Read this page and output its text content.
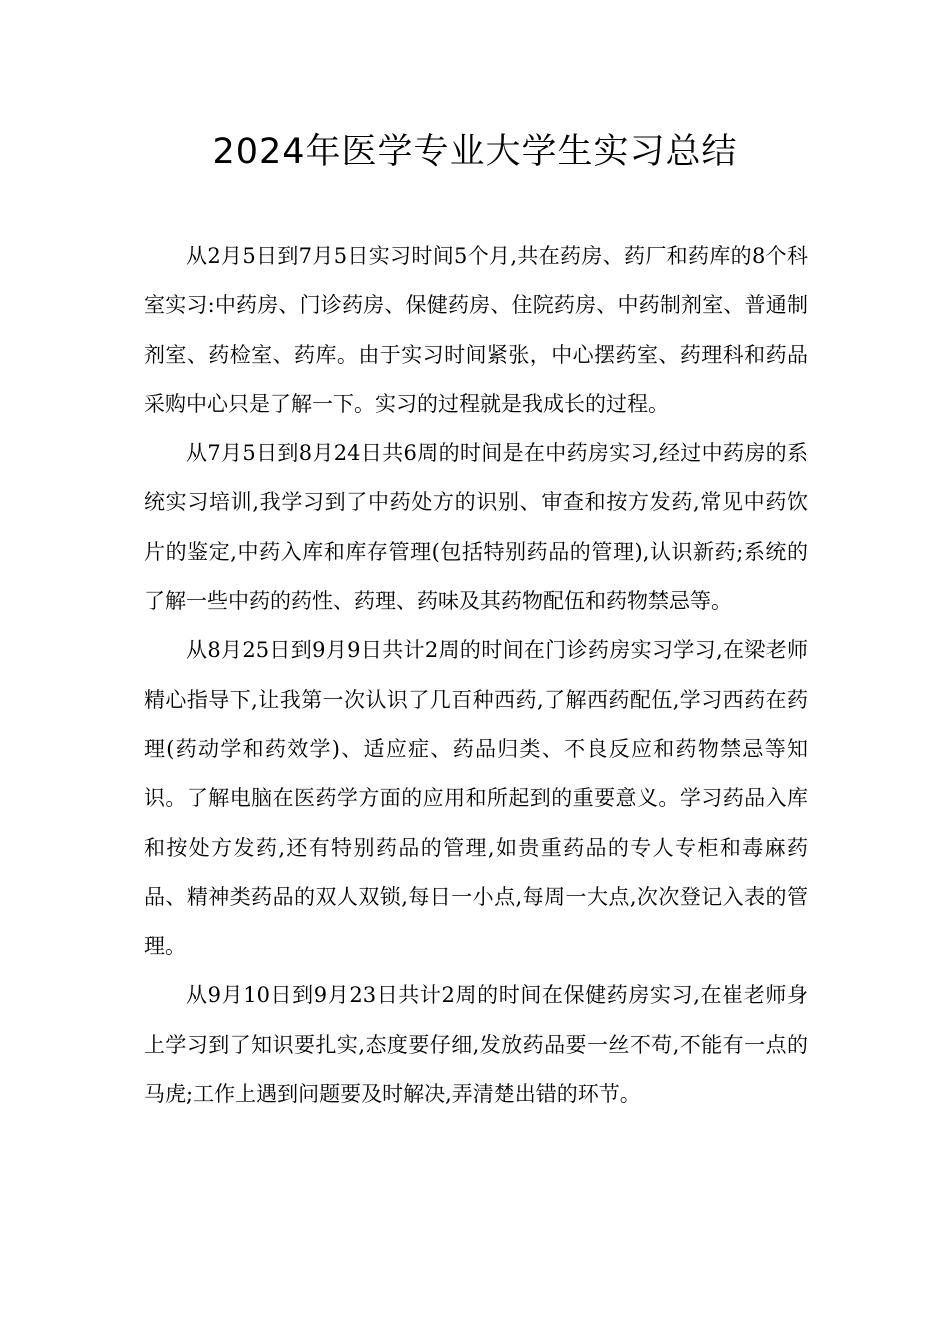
2024年医学专业大学生实习总结

从2月5日到7月5日实习时间5个月,共在药房、药厂和药库的8个科室实习:中药房、门诊药房、保健药房、住院药房、中药制剂室、普通制剂室、药检室、药库。由于实习时间紧张，中心摆药室、药理科和药品采购中心只是了解一下。实习的过程就是我成长的过程。

从7月5日到8月24日共6周的时间是在中药房实习,经过中药房的系统实习培训,我学习到了中药处方的识别、审查和按方发药,常见中药饮片的鉴定,中药入库和库存管理(包括特别药品的管理),认识新药;系统的了解一些中药的药性、药理、药味及其药物配伍和药物禁忌等。

从8月25日到9月9日共计2周的时间在门诊药房实习学习,在梁老师精心指导下,让我第一次认识了几百种西药,了解西药配伍,学习西药在药理(药动学和药效学)、适应症、药品归类、不良反应和药物禁忌等知识。了解电脑在医药学方面的应用和所起到的重要意义。学习药品入库和按处方发药,还有特别药品的管理,如贵重药品的专人专柜和毒麻药品、精神类药品的双人双锁,每日一小点,每周一大点,次次登记入表的管理。

从9月10日到9月23日共计2周的时间在保健药房实习,在崔老师身上学习到了知识要扎实,态度要仔细,发放药品要一丝不苟,不能有一点的马虎;工作上遇到问题要及时解决,弄清楚出错的环节。
